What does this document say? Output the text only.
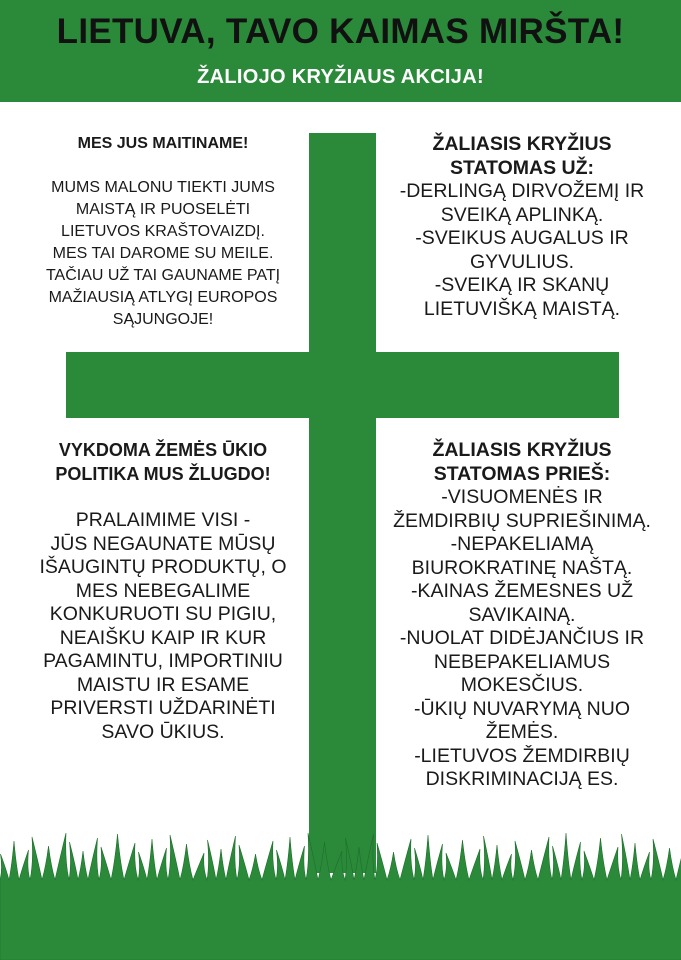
LIETUVA, TAVO KAIMAS MIRŠTA!
ŽALIOJO KRYŽIAUS AKCIJA!
MES JUS MAITINAME!
MUMS MALONU TIEKTI JUMS
MAISTĄ IR PUOSELĖTI
LIETUVOS KRAŠTOVAIZDĮ.
MES TAI DAROME SU MEILE.
TAČIAU UŽ TAI GAUNAME PATĮ
MAŽIAUSIĄ ATLYGĮ EUROPOS
SĄJUNGOJE!
ŽALIASIS KRYŽIUS
STATOMAS UŽ:
-DERLINGĄ DIRVOŽEMĮ IR
SVEIKĄ APLINKĄ.
-SVEIKUS AUGALUS IR
GYVULIUS.
-SVEIKĄ IR SKANŲ
LIETUVIŠKĄ MAISTĄ.
VYKDOMA ŽEMĖS ŪKIO
POLITIKA MUS ŽLUGDO!
PRALAIMIME VISI -
JŪS NEGAUNATE MŪSŲ
IŠAUGINTŲ PRODUKTŲ, O
MES NEBEGALIME
KONKURUOTI SU PIGIU,
NEAIŠKU KAIP IR KUR
PAGAMINTU, IMPORTINIU
MAISTU IR ESAME
PRIVERSTI UŽDARINĖTI
SAVO ŪKIUS.
ŽALIASIS KRYŽIUS
STATOMAS PRIEŠ:
-VISUOMENĖS IR
ŽEMDIRBIŲ SUPRIEŠINIMĄ.
-NEPAKELIAMĄ
BIUROKRATINĘ NAŠTĄ.
-KAINAS ŽEMESNES UŽ
SAVIKAINĄ.
-NUOLAT DIDĖJANČIUS IR
NEBEPAKELIAMUS
MOKESČIUS.
-ŪKIŲ NUVARYMĄ NUO
ŽEMĖS.
-LIETUVOS ŽEMDIRBIŲ
DISKRIMINACIJĄ ES.
